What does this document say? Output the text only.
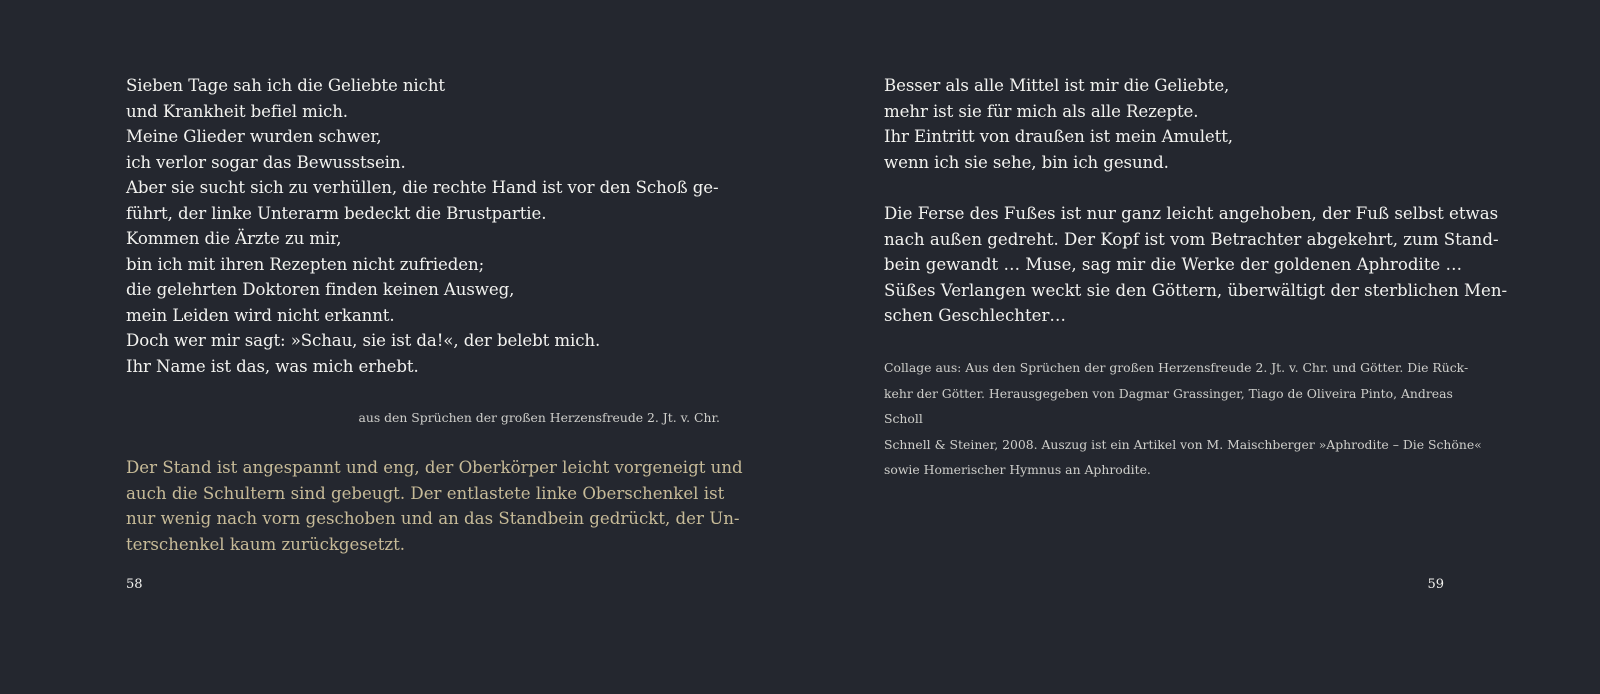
Sieben Tage sah ich die Geliebte nicht
und Krankheit befiel mich.
Meine Glieder wurden schwer,
ich verlor sogar das Bewusstsein.
Aber sie sucht sich zu verhüllen, die rechte Hand ist vor den Schoß ge-
führt, der linke Unterarm bedeckt die Brustpartie.
Kommen die Ärzte zu mir,
bin ich mit ihren Rezepten nicht zufrieden;
die gelehrten Doktoren finden keinen Ausweg,
mein Leiden wird nicht erkannt.
Doch wer mir sagt: »Schau, sie ist da!«, der belebt mich.
Ihr Name ist das, was mich erhebt.

aus den Sprüchen der großen Herzensfreude 2. Jt. v. Chr.

Der Stand ist angespannt und eng, der Oberkörper leicht vorgeneigt und
auch die Schultern sind gebeugt. Der entlastete linke Oberschenkel ist
nur wenig nach vorn geschoben und an das Standbein gedrückt, der Un-
terschenkel kaum zurückgesetzt.

58

Besser als alle Mittel ist mir die Geliebte,
mehr ist sie für mich als alle Rezepte.
Ihr Eintritt von draußen ist mein Amulett,
wenn ich sie sehe, bin ich gesund.
Die Ferse des Fußes ist nur ganz leicht angehoben, der Fuß selbst etwas
nach außen gedreht. Der Kopf ist vom Betrachter abgekehrt, zum Stand-
bein gewandt … Muse, sag mir die Werke der goldenen Aphrodite …
Süßes Verlangen weckt sie den Göttern, überwältigt der sterblichen Men-
schen Geschlechter…
Collage aus: Aus den Sprüchen der großen Herzensfreude 2. Jt. v. Chr. und Götter. Die Rück-
kehr der Götter. Herausgegeben von Dagmar Grassinger, Tiago de Oliveira Pinto, Andreas
Scholl
Schnell & Steiner, 2008. Auszug ist ein Artikel von M. Maischberger »Aphrodite – Die Schöne«
sowie Homerischer Hymnus an Aphrodite.

59
